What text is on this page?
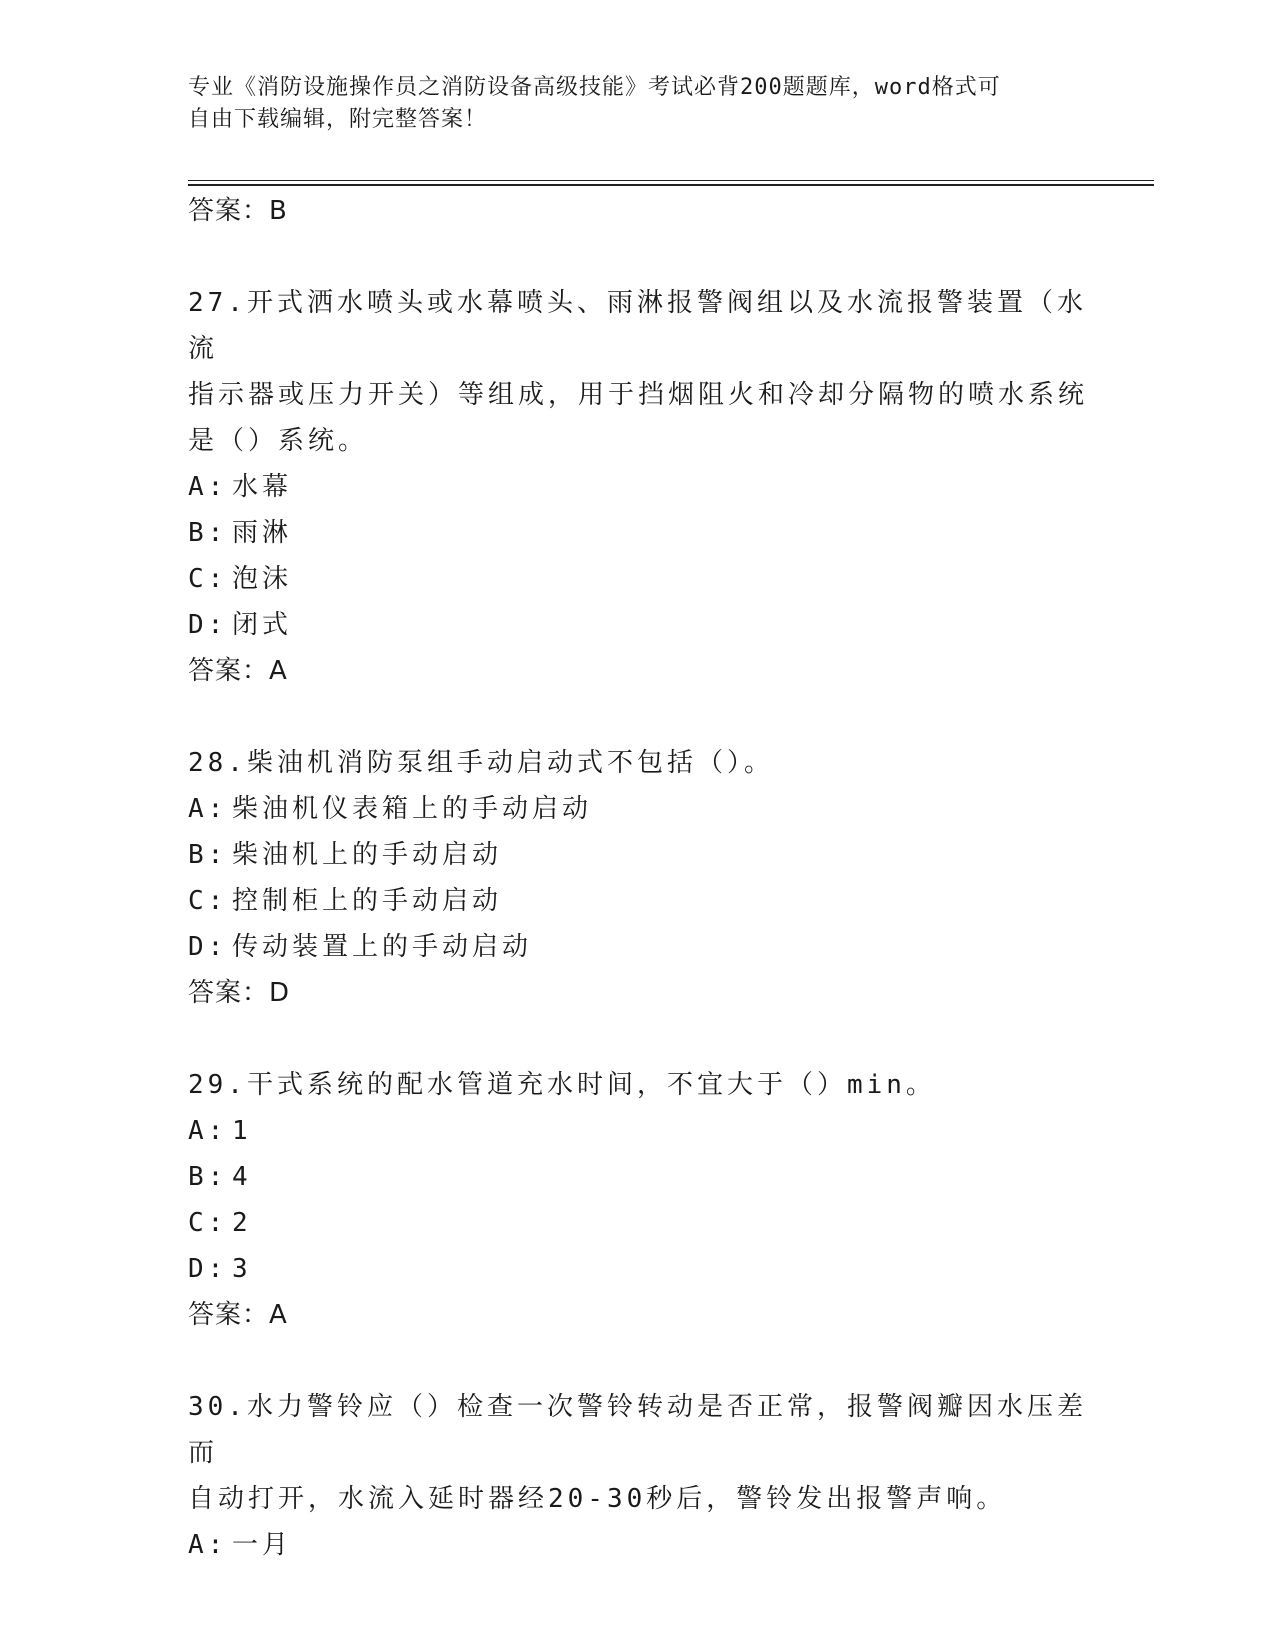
专业《消防设施操作员之消防设备高级技能》考试必背200题题库，word格式可
自由下载编辑，附完整答案！

答案：B

27.开式洒水喷头或水幕喷头、雨淋报警阀组以及水流报警装置（水流

指示器或压力开关）等组成，用于挡烟阻火和冷却分隔物的喷水系统

是（）系统。

A: 水幕

B: 雨淋

C: 泡沫

D: 闭式

答案：A

28.柴油机消防泵组手动启动式不包括（）。

A: 柴油机仪表箱上的手动启动

B: 柴油机上的手动启动

C: 控制柜上的手动启动

D: 传动装置上的手动启动

答案：D

29.干式系统的配水管道充水时间，不宜大于（）min。

A: 1

B: 4

C: 2

D: 3

答案：A

30.水力警铃应（）检查一次警铃转动是否正常，报警阀瓣因水压差而

自动打开，水流入延时器经20-30秒后，警铃发出报警声响。

A: 一月
